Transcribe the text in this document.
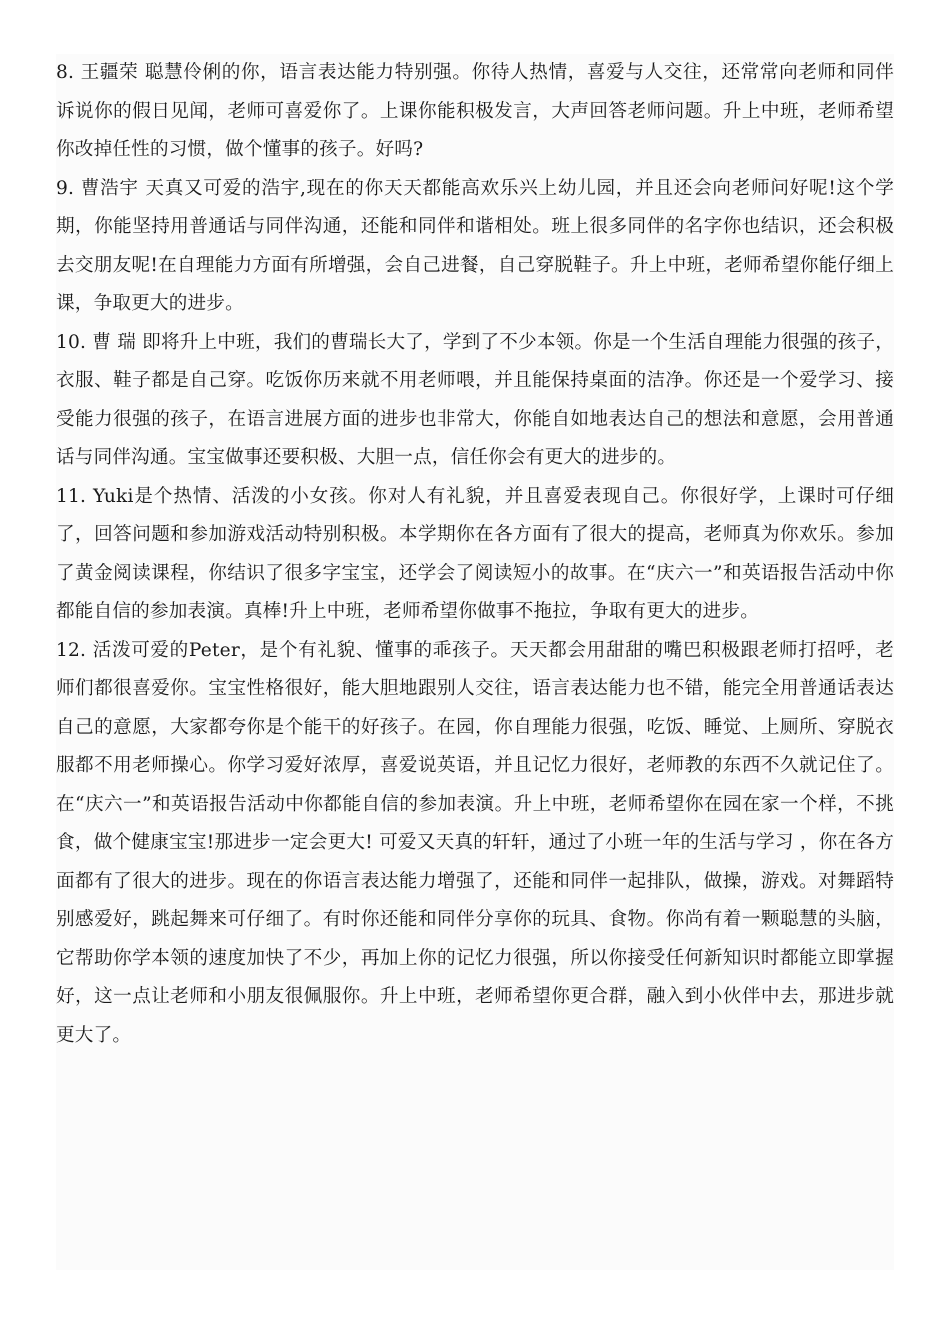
8. 王疆荣 聪慧伶俐的你，语言表达能力特别强。你待人热情，喜爱与人交往，还常常向老师和同伴诉说你的假日见闻，老师可喜爱你了。上课你能积极发言，大声回答老师问题。升上中班，老师希望你改掉任性的习惯，做个懂事的孩子。好吗?

9. 曹浩宇 天真又可爱的浩宇,现在的你天天都能高欢乐兴上幼儿园，并且还会向老师问好呢!这个学期，你能坚持用普通话与同伴沟通，还能和同伴和谐相处。班上很多同伴的名字你也结识，还会积极去交朋友呢!在自理能力方面有所增强，会自己进餐，自己穿脱鞋子。升上中班，老师希望你能仔细上课，争取更大的进步。

10. 曹 瑞 即将升上中班，我们的曹瑞长大了，学到了不少本领。你是一个生活自理能力很强的孩子，衣服、鞋子都是自己穿。吃饭你历来就不用老师喂，并且能保持桌面的洁净。你还是一个爱学习、接受能力很强的孩子，在语言进展方面的进步也非常大，你能自如地表达自己的想法和意愿，会用普通话与同伴沟通。宝宝做事还要积极、大胆一点，信任你会有更大的进步的。

11. Yuki是个热情、活泼的小女孩。你对人有礼貌，并且喜爱表现自己。你很好学，上课时可仔细了，回答问题和参加游戏活动特别积极。本学期你在各方面有了很大的提高，老师真为你欢乐。参加了黄金阅读课程，你结识了很多字宝宝，还学会了阅读短小的故事。在“庆六一”和英语报告活动中你都能自信的参加表演。真棒!升上中班，老师希望你做事不拖拉，争取有更大的进步。

12. 活泼可爱的Peter，是个有礼貌、懂事的乖孩子。天天都会用甜甜的嘴巴积极跟老师打招呼，老师们都很喜爱你。宝宝性格很好，能大胆地跟别人交往，语言表达能力也不错，能完全用普通话表达自己的意愿，大家都夸你是个能干的好孩子。在园，你自理能力很强，吃饭、睡觉、上厕所、穿脱衣服都不用老师操心。你学习爱好浓厚，喜爱说英语，并且记忆力很好，老师教的东西不久就记住了。在“庆六一”和英语报告活动中你都能自信的参加表演。升上中班，老师希望你在园在家一个样，不挑食，做个健康宝宝!那进步一定会更大! 可爱又天真的轩轩，通过了小班一年的生活与学习 ，你在各方面都有了很大的进步。现在的你语言表达能力增强了，还能和同伴一起排队，做操，游戏。对舞蹈特别感爱好，跳起舞来可仔细了。有时你还能和同伴分享你的玩具、食物。你尚有着一颗聪慧的头脑，它帮助你学本领的速度加快了不少，再加上你的记忆力很强，所以你接受任何新知识时都能立即掌握好，这一点让老师和小朋友很佩服你。升上中班，老师希望你更合群，融入到小伙伴中去，那进步就更大了。
